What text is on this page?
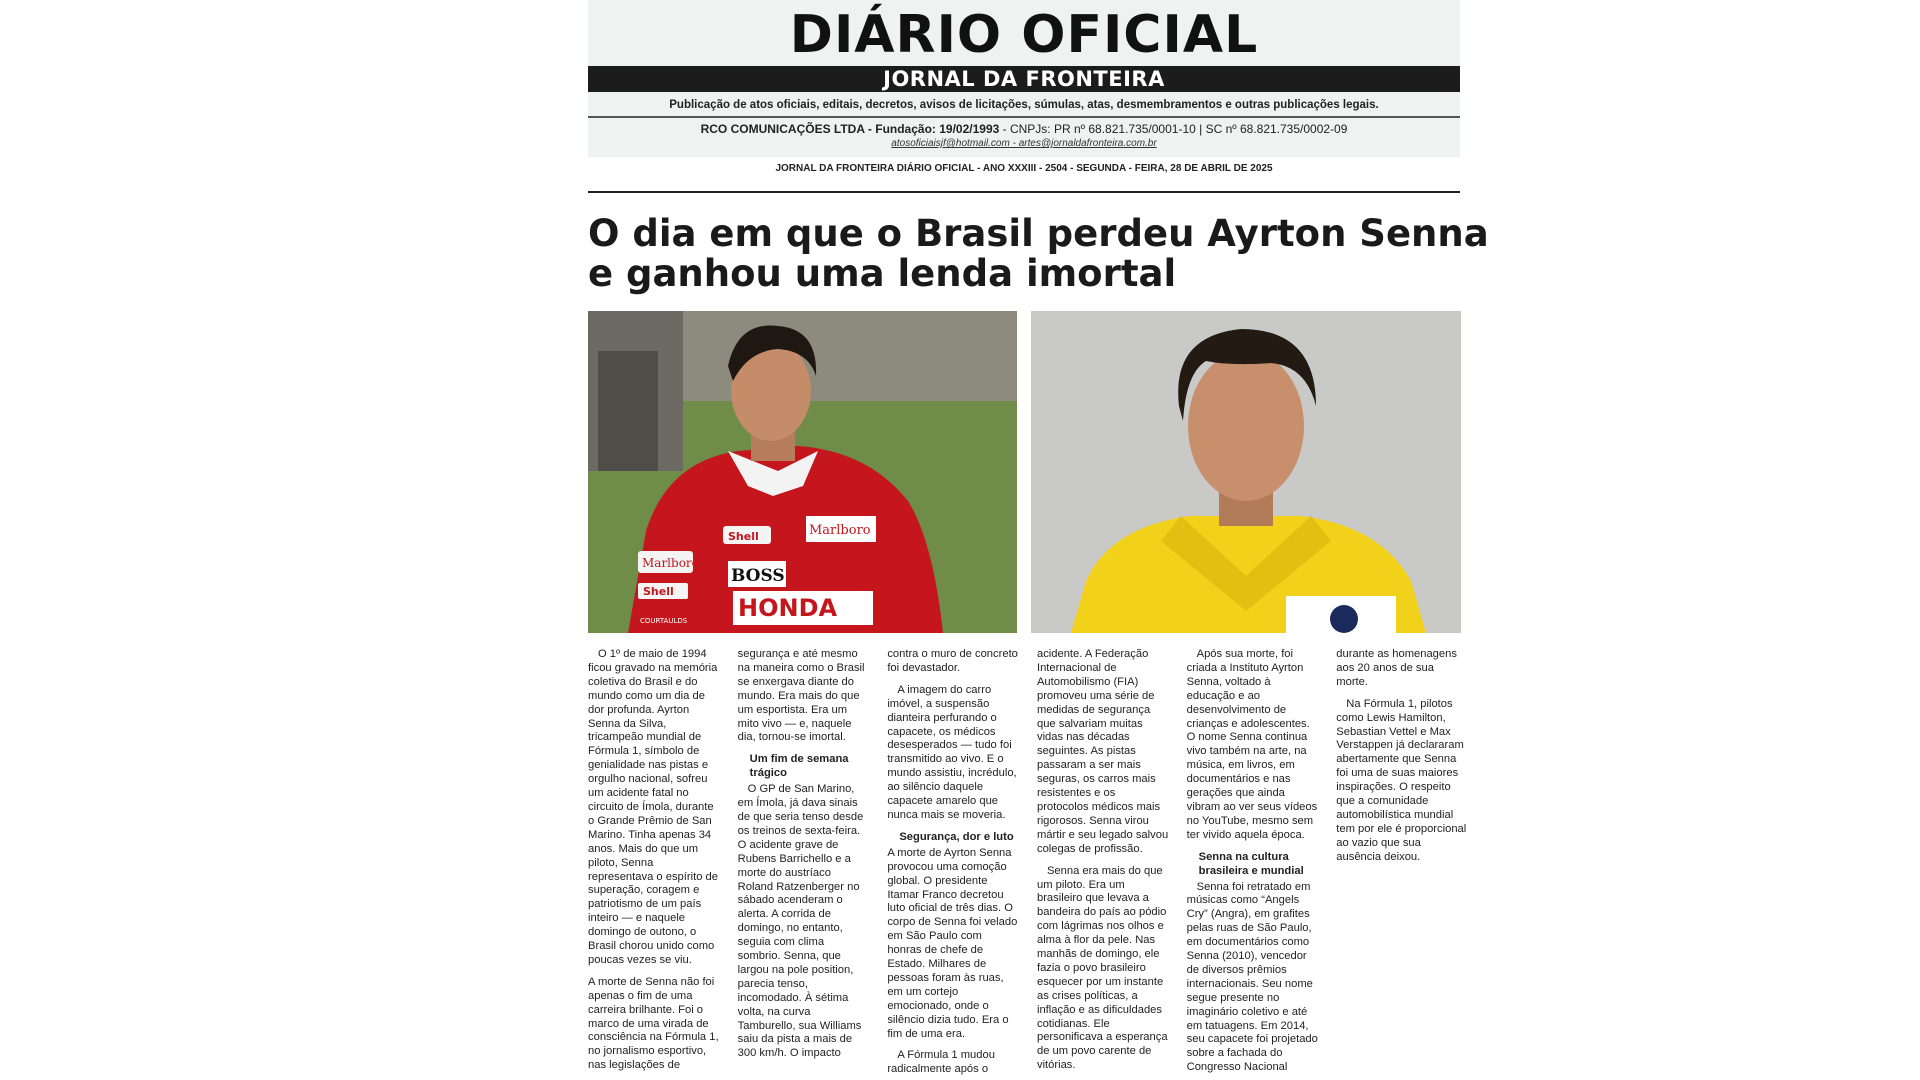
DIÁRIO OFICIAL
JORNAL DA FRONTEIRA
Publicação de atos oficiais, editais, decretos, avisos de licitações, súmulas, atas, desmembramentos e outras publicações legais.
RCO COMUNICAÇÕES LTDA - Fundação: 19/02/1993 - CNPJs: PR nº 68.821.735/0001-10 | SC nº 68.821.735/0002-09
atosoficiaisjf@hotmail.com - artes@jornaldafronteira.com.br
JORNAL DA FRONTEIRA DIÁRIO OFICIAL - ANO XXXIII - 2504 - SEGUNDA - FEIRA, 28 DE ABRIL DE 2025
O dia em que o Brasil perdeu Ayrton Senna e ganhou uma lenda imortal
Marlboro
Shell
BOSS
HONDA
Marlboro
Shell
COURTAULDS

O 1º de maio de 1994 ficou gravado na memória coletiva do Brasil e do mundo como um dia de dor profunda. Ayrton Senna da Silva, tricampeão mundial de Fórmula 1, símbolo de genialidade nas pistas e orgulho nacional, sofreu um acidente fatal no circuito de Ímola, durante o Grande Prêmio de San Marino. Tinha apenas 34 anos. Mais do que um piloto, Senna representava o espírito de superação, coragem e patriotismo de um país inteiro — e naquele domingo de outono, o Brasil chorou unido como poucas vezes se viu.

A morte de Senna não foi apenas o fim de uma carreira brilhante. Foi o marco de uma virada de consciência na Fórmula 1, no jornalismo esportivo, nas legislações de segurança e até mesmo na maneira como o Brasil se enxergava diante do mundo. Era mais do que um esportista. Era um mito vivo — e, naquele dia, tornou-se imortal.

Um fim de semana trágico

O GP de San Marino, em Ímola, já dava sinais de que seria tenso desde os treinos de sexta-feira. O acidente grave de Rubens Barrichello e a morte do austríaco Roland Ratzenberger no sábado acenderam o alerta. A corrida de domingo, no entanto, seguia com clima sombrio. Senna, que largou na pole position, parecia tenso, incomodado. À sétima volta, na curva Tamburello, sua Williams saiu da pista a mais de 300 km/h. O impacto contra o muro de concreto foi devastador.

A imagem do carro imóvel, a suspensão dianteira perfurando o capacete, os médicos desesperados — tudo foi transmitido ao vivo. E o mundo assistiu, incrédulo, ao silêncio daquele capacete amarelo que nunca mais se moveria.

Segurança, dor e luto

A morte de Ayrton Senna provocou uma comoção global. O presidente Itamar Franco decretou luto oficial de três dias. O corpo de Senna foi velado em São Paulo com honras de chefe de Estado. Milhares de pessoas foram às ruas, em um cortejo emocionado, onde o silêncio dizia tudo. Era o fim de uma era.

A Fórmula 1 mudou radicalmente após o acidente. A Federação Internacional de Automobilismo (FIA) promoveu uma série de medidas de segurança que salvariam muitas vidas nas décadas seguintes. As pistas passaram a ser mais seguras, os carros mais resistentes e os protocolos médicos mais rigorosos. Senna virou mártir e seu legado salvou colegas de profissão.

Senna era mais do que um piloto. Era um brasileiro que levava a bandeira do país ao pódio com lágrimas nos olhos e alma à flor da pele. Nas manhãs de domingo, ele fazia o povo brasileiro esquecer por um instante as crises políticas, a inflação e as dificuldades cotidianas. Ele personificava a esperança de um povo carente de vitórias.

Após sua morte, foi criada a Instituto Ayrton Senna, voltado à educação e ao desenvolvimento de crianças e adolescentes. O nome Senna continua vivo também na arte, na música, em livros, em documentários e nas gerações que ainda vibram ao ver seus vídeos no YouTube, mesmo sem ter vivido aquela época.

Senna na cultura brasileira e mundial

Senna foi retratado em músicas como “Angels Cry” (Angra), em grafites pelas ruas de São Paulo, em documentários como Senna (2010), vencedor de diversos prêmios internacionais. Seu nome segue presente no imaginário coletivo e até em tatuagens. Em 2014, seu capacete foi projetado sobre a fachada do Congresso Nacional durante as homenagens aos 20 anos de sua morte.

Na Fórmula 1, pilotos como Lewis Hamilton, Sebastian Vettel e Max Verstappen já declararam abertamente que Senna foi uma de suas maiores inspirações. O respeito que a comunidade automobilística mundial tem por ele é proporcional ao vazio que sua ausência deixou.
